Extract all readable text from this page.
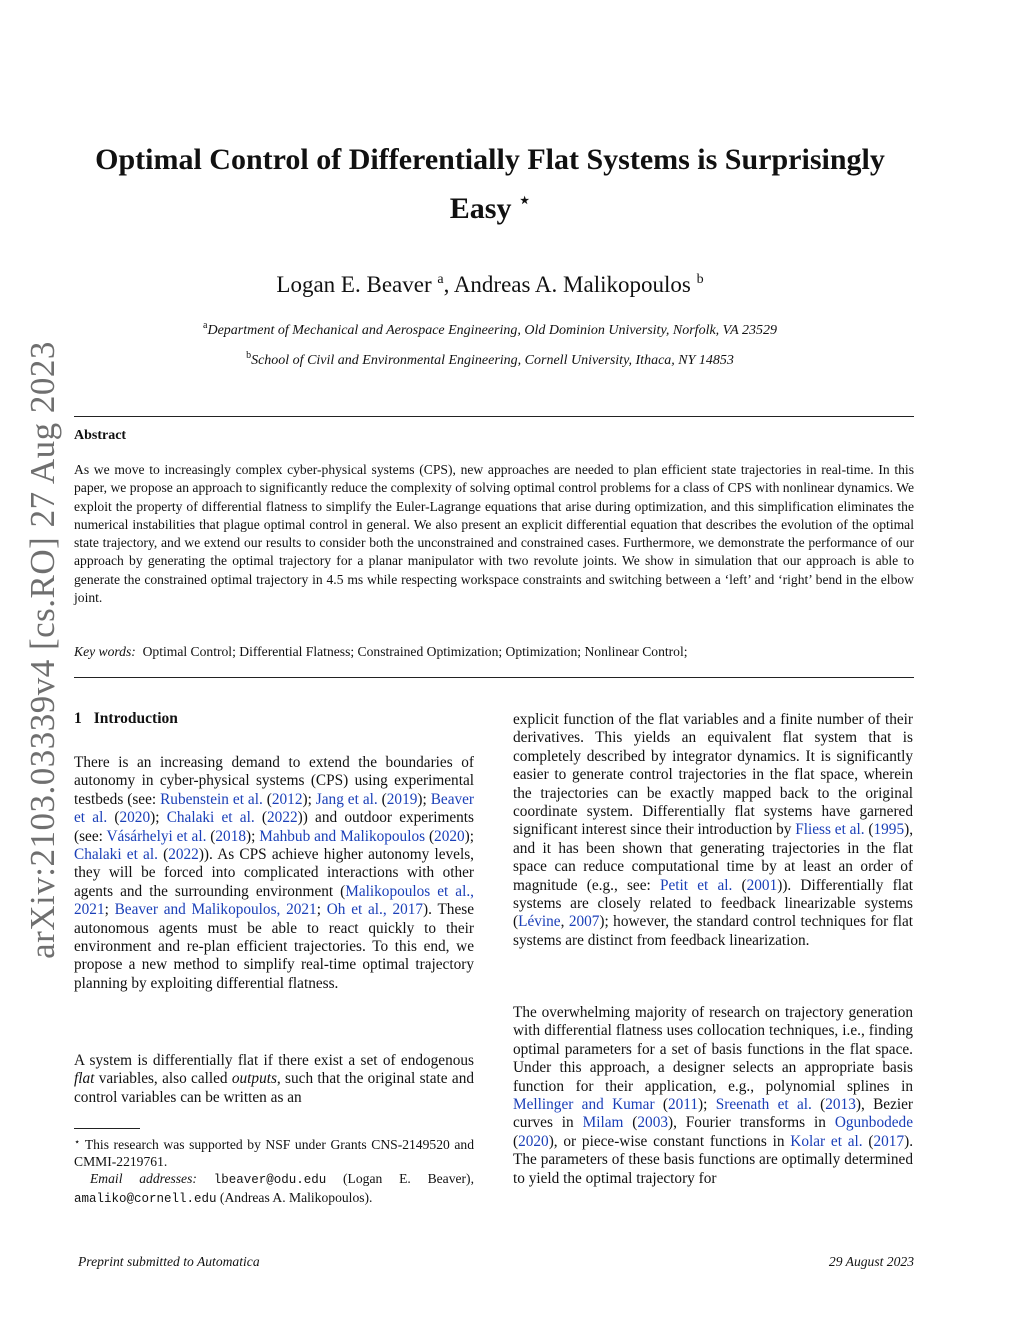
arXiv:2103.03339v4 [cs.RO] 27 Aug 2023
Optimal Control of Differentially Flat Systems is Surprisingly
Easy ⋆
Logan E. Beaver $^a$, Andreas A. Malikopoulos $^b$
$^a$Department of Mechanical and Aerospace Engineering, Old Dominion University, Norfolk, VA 23529
$^b$School of Civil and Environmental Engineering, Cornell University, Ithaca, NY 14853
Abstract
As we move to increasingly complex cyber-physical systems (CPS), new approaches are needed to plan efficient state trajectories in real-time. In this paper, we propose an approach to significantly reduce the complexity of solving optimal control problems for a class of CPS with nonlinear dynamics. We exploit the property of differential flatness to simplify the Euler-Lagrange equations that arise during optimization, and this simplification eliminates the numerical instabilities that plague optimal control in general. We also present an explicit differential equation that describes the evolution of the optimal state trajectory, and we extend our results to consider both the unconstrained and constrained cases. Furthermore, we demonstrate the performance of our approach by generating the optimal trajectory for a planar manipulator with two revolute joints. We show in simulation that our approach is able to generate the constrained optimal trajectory in 4.5 ms while respecting workspace constraints and switching between a ‘left’ and ‘right’ bend in the elbow joint.
Key words: Optimal Control; Differential Flatness; Constrained Optimization; Optimization; Nonlinear Control;
1 Introduction

There is an increasing demand to extend the boundaries of autonomy in cyber-physical systems (CPS) using experimental testbeds (see: Rubenstein et al. (2012); Jang et al. (2019); Beaver et al. (2020); Chalaki et al. (2022)) and outdoor experiments (see: Vásárhelyi et al. (2018); Mahbub and Malikopoulos (2020); Chalaki et al. (2022)). As CPS achieve higher autonomy levels, they will be forced into complicated interactions with other agents and the surrounding environment (Malikopoulos et al., 2021; Beaver and Malikopoulos, 2021; Oh et al., 2017). These autonomous agents must be able to react quickly to their environment and re-plan efficient trajectories. To this end, we propose a new method to simplify real-time optimal trajectory planning by exploiting differential flatness.

A system is differentially flat if there exist a set of endogenous flat variables, also called outputs, such that the original state and control variables can be written as an

⋆ This research was supported by NSF under Grants CNS-2149520 and CMMI-2219761.
Email addresses: lbeaver@odu.edu (Logan E. Beaver), amaliko@cornell.edu (Andreas A. Malikopoulos).

explicit function of the flat variables and a finite number of their derivatives. This yields an equivalent flat system that is completely described by integrator dynamics. It is significantly easier to generate control trajectories in the flat space, wherein the trajectories can be exactly mapped back to the original coordinate system. Differentially flat systems have garnered significant interest since their introduction by Fliess et al. (1995), and it has been shown that generating trajectories in the flat space can reduce computational time by at least an order of magnitude (e.g., see: Petit et al. (2001)). Differentially flat systems are closely related to feedback linearizable systems (Lévine, 2007); however, the standard control techniques for flat systems are distinct from feedback linearization.

The overwhelming majority of research on trajectory generation with differential flatness uses collocation techniques, i.e., finding optimal parameters for a set of basis functions in the flat space. Under this approach, a designer selects an appropriate basis function for their application, e.g., polynomial splines in Mellinger and Kumar (2011); Sreenath et al. (2013), Bezier curves in Milam (2003), Fourier transforms in Ogunbodede (2020), or piece-wise constant functions in Kolar et al. (2017). The parameters of these basis functions are optimally determined to yield the optimal trajectory for

Preprint submitted to Automatica	29 August 2023
